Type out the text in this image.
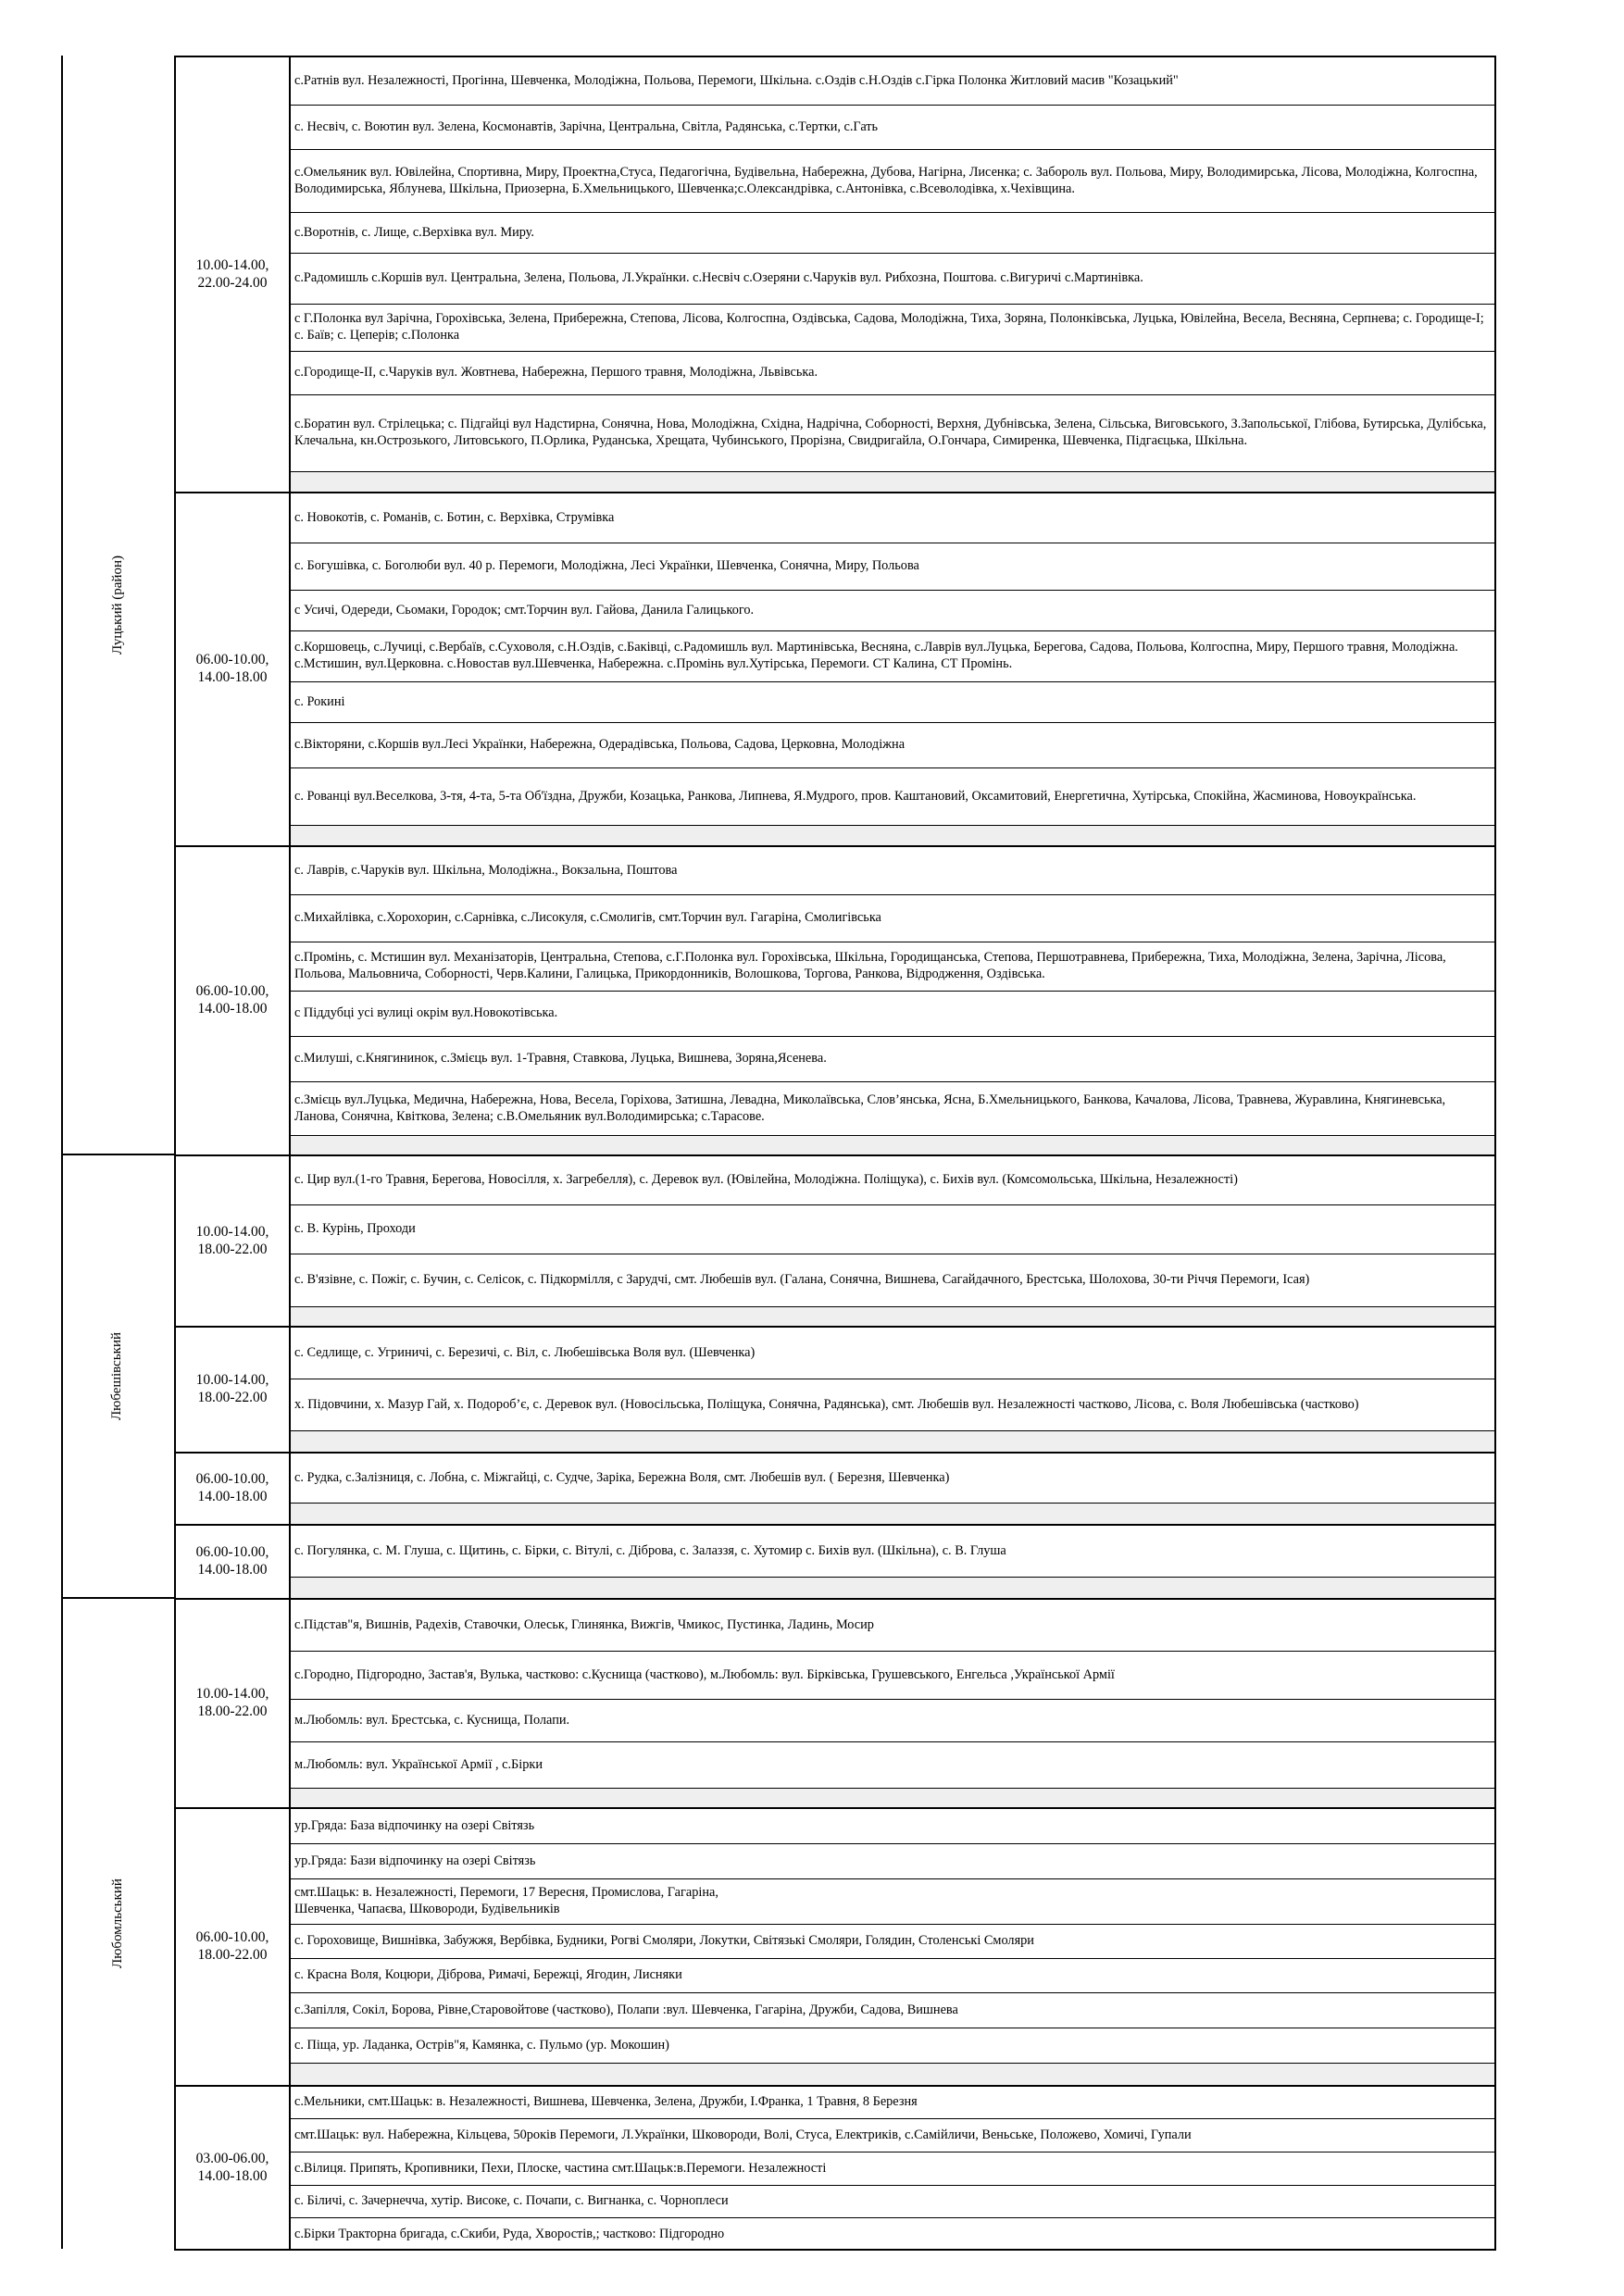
Луцький (район)
10.00-14.00,
22.00-24.00
с.Ратнів вул. Незалежності, Прогінна, Шевченка, Молодіжна, Польова, Перемоги, Шкільна. с.Оздів с.Н.Оздів с.Гірка Полонка Житловий масив "Козацький"
с. Несвіч, с. Воютин вул. Зелена, Космонавтів, Зарічна, Центральна, Світла, Радянська, с.Тертки, с.Гать
с.Омельяник вул. Ювілейна, Спортивна, Миру, Проектна,Стуса, Педагогічна, Будівельна, Набережна, Дубова, Нагірна, Лисенка; с. Забороль вул. Польова, Миру, Володимирська, Лісова, Молодіжна, Колгоспна, Володимирська, Яблунева, Шкільна, Приозерна, Б.Хмельницького, Шевченка;с.Олександрівка, с.Антонівка, с.Всеволодівка, х.Чехівщина.
с.Воротнів, с. Лище, с.Верхівка вул. Миру.
с.Радомишль с.Коршів вул. Центральна, Зелена, Польова, Л.Українки. с.Несвіч с.Озеряни с.Чаруків вул. Рибхозна, Поштова. с.Вигуричі с.Мартинівка.
с Г.Полонка вул Зарічна, Горохівська, Зелена, Прибережна, Степова, Лісова, Колгоспна, Оздівська, Садова, Молодіжна, Тиха, Зоряна, Полонківська, Луцька, Ювілейна, Весела, Весняна, Серпнева; с. Городище-І; с. Баїв; с. Цеперів; с.Полонка
с.Городище-ІІ, с.Чаруків вул. Жовтнева, Набережна, Першого травня, Молодіжна, Львівська.
с.Боратин вул. Стрілецька; с. Підгайці вул Надстирна, Сонячна, Нова, Молодіжна, Східна, Надрічна, Соборності, Верхня, Дубнівська, Зелена, Сільська, Виговського, З.Запольської, Глібова, Бутирська, Дулібська, Клечальна, кн.Острозького, Литовського, П.Орлика, Руданська, Хрещата, Чубинського, Прорізна, Свидригайла, О.Гончара, Симиренка, Шевченка, Підгаєцька, Шкільна.
06.00-10.00,
14.00-18.00
с. Новокотів, с. Романів, с. Ботин, с. Верхівка, Струмівка
с. Богушівка, с. Боголюби вул. 40 р. Перемоги, Молодіжна, Лесі Українки, Шевченка, Сонячна, Миру, Польова
с Усичі, Одереди, Сьомаки, Городок; смт.Торчин вул. Гайова, Данила Галицького.
с.Коршовець, с.Лучиці, с.Вербаїв, с.Суховоля, с.Н.Оздів, с.Баківці, с.Радомишль вул. Мартинівська, Весняна, с.Лаврів вул.Луцька, Берегова, Садова, Польова, Колгоспна, Миру, Першого травня, Молодіжна. с.Мстишин, вул.Церковна. с.Новостав вул.Шевченка, Набережна. с.Промінь вул.Хутірська, Перемоги. СТ Калина, СТ Промінь.
с. Рокині
с.Вікторяни, с.Коршів вул.Лесі Українки, Набережна, Одерадівська, Польова, Садова, Церковна, Молодіжна
с. Рованці вул.Веселкова, 3-тя, 4-та, 5-та Об'їздна, Дружби, Козацька, Ранкова, Липнева, Я.Мудрого, пров. Каштановий, Оксамитовий, Енергетична, Хутірська, Спокійна, Жасминова, Новоукраїнська.
06.00-10.00,
14.00-18.00
с. Лаврів, с.Чаруків вул. Шкільна, Молодіжна., Вокзальна, Поштова
с.Михайлівка, с.Хорохорин, с.Сарнівка, с.Лисокуля, с.Смолигів, смт.Торчин вул. Гагаріна, Смолигівська
с.Промінь, с. Мстишин вул. Механізаторів, Центральна, Степова, с.Г.Полонка вул. Горохівська, Шкільна, Городищанська, Степова, Першотравнева, Прибережна, Тиха, Молодіжна, Зелена, Зарічна, Лісова, Польова, Мальовнича, Соборності, Черв.Калини, Галицька, Прикордонників, Волошкова, Торгова, Ранкова, Відродження, Оздівська.
с Піддубці усі вулиці окрім вул.Новокотівська.
с.Милуші, с.Княгининок, с.Змієць вул. 1-Травня, Ставкова, Луцька, Вишнева, Зоряна,Ясенева.
с.Змієць вул.Луцька, Медична, Набережна, Нова, Весела, Горіхова, Затишна, Левадна, Миколаївська, Слов’янська, Ясна, Б.Хмельницького, Банкова, Качалова, Лісова, Травнева, Журавлина, Княгиневська, Ланова, Сонячна, Квіткова, Зелена; с.В.Омельяник вул.Володимирська; с.Тарасове.
Любешівський
10.00-14.00,
18.00-22.00
с. Цир вул.(1-го Травня, Берегова, Новосілля, х. Загребелля), с. Деревок вул. (Ювілейна, Молодіжна. Поліщука), с. Бихів вул. (Комсомольська, Шкільна, Незалежності)
с. В. Курінь, Проходи
с. В'язівне, с. Пожіг, с. Бучин, с. Селісок, с. Підкормілля, с Зарудчі, смт. Любешів вул. (Галана, Сонячна, Вишнева, Сагайдачного, Брестська, Шолохова, 30-ти Річчя Перемоги, Ісая)
10.00-14.00,
18.00-22.00
с. Седлище, с. Угриничі, с. Березичі, с. Віл, с. Любешівська Воля вул. (Шевченка)
х. Підовчини, х. Мазур Гай, х. Подороб’є, с. Деревок вул. (Новосільська, Поліщука, Сонячна, Радянська), смт. Любешів вул. Незалежності частково, Лісова, с. Воля Любешівська (частково)
06.00-10.00,
14.00-18.00
с. Рудка, с.Залізниця, с. Лобна, с. Міжгайці, с. Судче, Заріка, Бережна Воля, смт. Любешів вул. ( Березня, Шевченка)
06.00-10.00,
14.00-18.00
с. Погулянка, с. М. Глуша, с. Щитинь, с. Бірки, с. Вітулі, с. Діброва, с. Залаззя, с. Хутомир с. Бихів вул. (Шкільна), с. В. Глуша
Любомльський
10.00-14.00,
18.00-22.00
с.Підстав"я, Вишнів, Радехів, Ставочки, Олеськ, Глинянка, Вижгів, Чмикос, Пустинка, Ладинь, Мосир
с.Городно, Підгородно, Застав'я, Вулька, частково: с.Куснища (частково), м.Любомль: вул. Бірківська, Грушевського, Енгельса ,Української Армії
м.Любомль: вул. Брестська, с. Куснища, Полапи.
м.Любомль: вул. Української Армії , с.Бірки
06.00-10.00,
18.00-22.00
ур.Гряда: База відпочинку на озері Світязь
ур.Гряда: Бази відпочинку на озері Світязь
смт.Шацьк: в. Незалежності, Перемоги, 17 Вересня, Промислова, Гагаріна,
Шевченка, Чапаєва, Шковороди, Будівельників
с. Гороховище, Вишнівка, Забужжя, Вербівка, Будники, Рогві Смоляри, Локутки, Світязькі Смоляри, Голядин, Столенські Смоляри
с. Красна Воля, Коцюри, Діброва, Римачі, Бережці, Ягодин, Лисняки
с.Запілля, Сокіл, Борова, Рівне,Старовойтове (частково), Полапи :вул. Шевченка, Гагаріна, Дружби, Садова, Вишнева
с. Піща, ур. Ладанка, Острів"я, Камянка, с. Пульмо (ур. Мокошин)
03.00-06.00,
14.00-18.00
с.Мельники, смт.Шацьк: в. Незалежності, Вишнева, Шевченка, Зелена, Дружби, І.Франка, 1 Травня, 8 Березня
смт.Шацьк: вул. Набережна, Кільцева, 50років Перемоги, Л.Українки, Шковороди, Волі, Стуса, Електриків, с.Самійличи, Веньське, Положево, Хомичі, Гупали
с.Вілиця. Припять, Кропивники, Пехи, Плоске, частина смт.Шацьк:в.Перемоги. Незалежності
с. Біличі, с. Зачернечча, хутір. Високе, с. Почапи, с. Вигнанка, с. Чорноплеси
с.Бірки Тракторна бригада, с.Скиби, Руда, Хворостів,; частково: Підгородно
